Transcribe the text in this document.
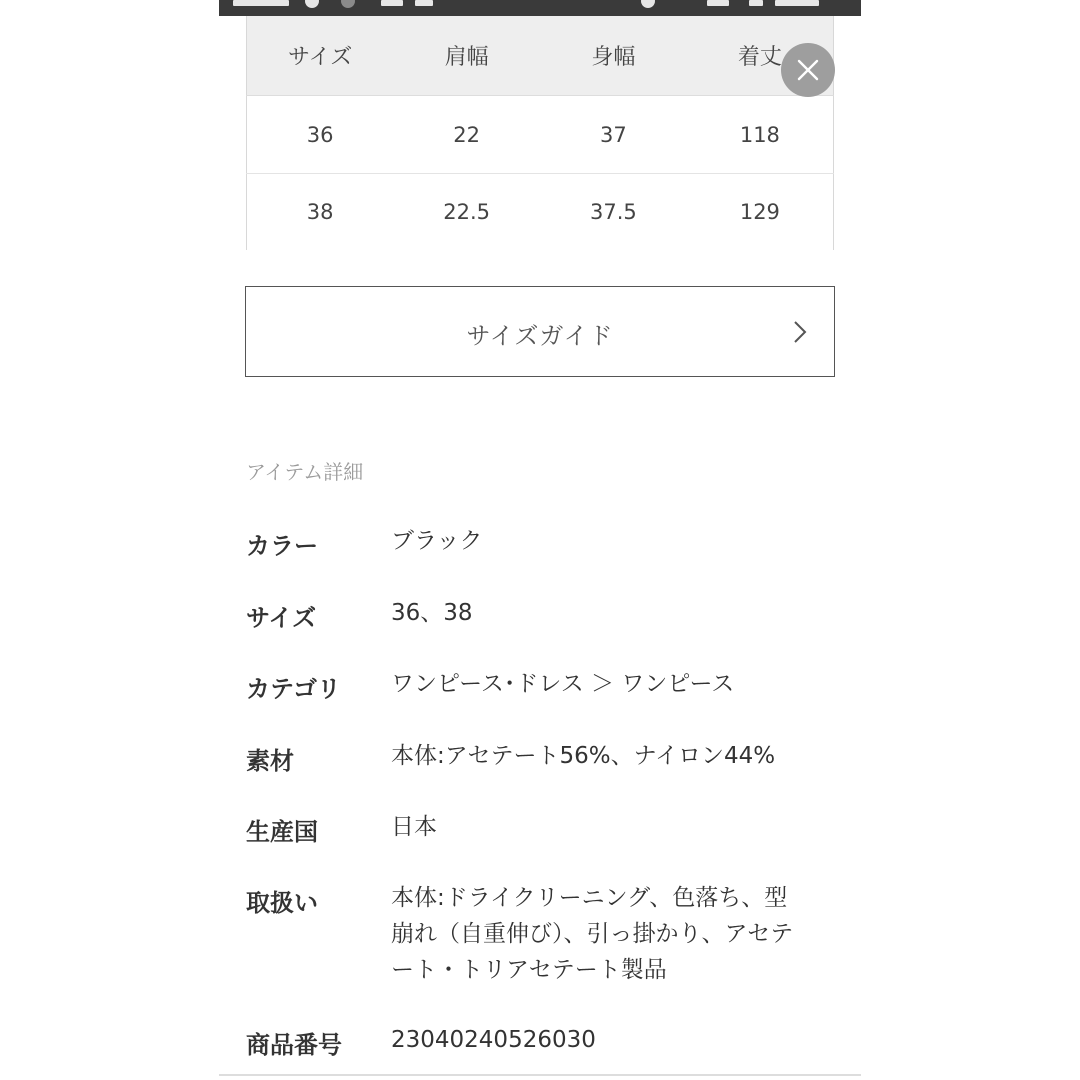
サイズ	肩幅	身幅	着丈
36	22	37	118
38	22.5	37.5	129
サイズガイド
アイテム詳細
カラー	ブラック
サイズ	36、38
カテゴリ ワンピース･ドレス ＞ ワンピース
素材	本体:アセテート56%、ナイロン44%
生産国	日本
取扱い	本体:ドライクリーニング、色落ち、型
崩れ（自重伸び）、引っ掛かり、アセテ
ート・トリアセテート製品
商品番号 23040240526030
